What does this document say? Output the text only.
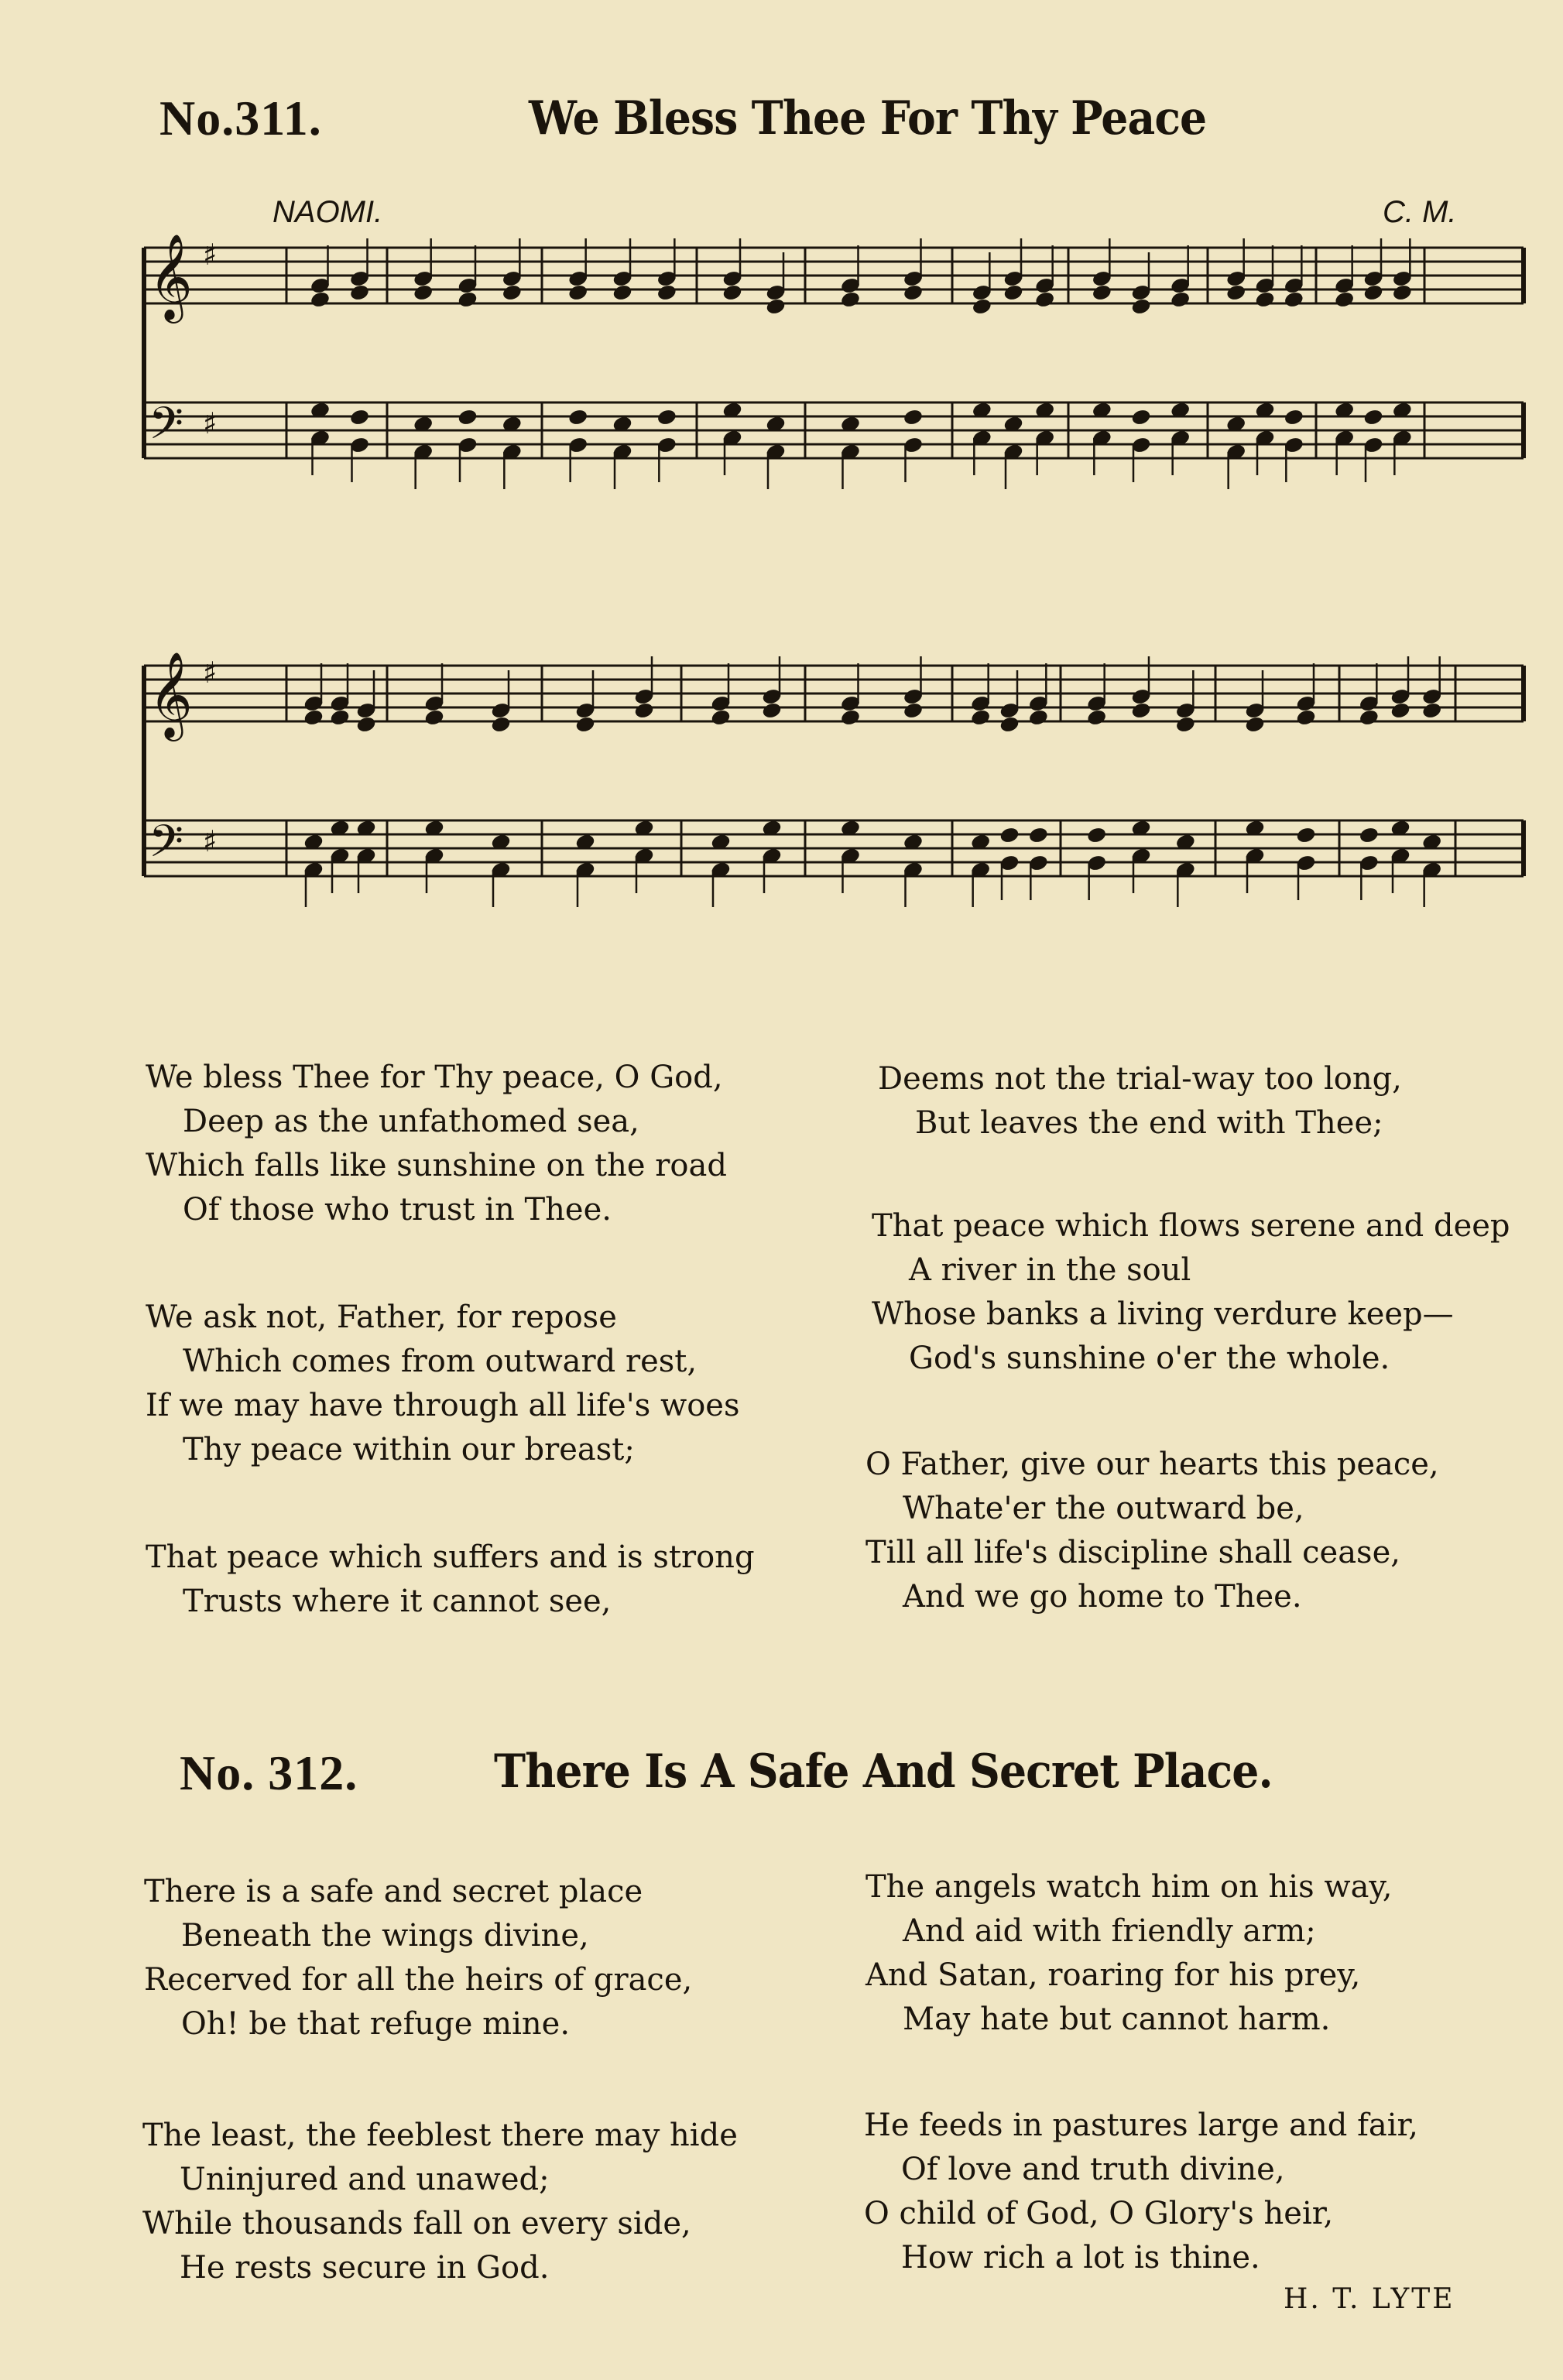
No.311.	We Bless Thee For Thy Peace
NAOMI.	C. M.
𝄞 ♯
𝄢 ♯
𝄞 ♯
𝄢 ♯
We bless Thee for Thy peace, O God,
Deep as the unfathomed sea,
Which falls like sunshine on the road
Of those who trust in Thee.
We ask not, Father, for repose
Which comes from outward rest,
If we may have through all life's woes
Thy peace within our breast;
That peace which suffers and is strong
Trusts where it cannot see,
Deems not the trial-way too long,
But leaves the end with Thee;
That peace which flows serene and deep
A river in the soul
Whose banks a living verdure keep—
God's sunshine o'er the whole.
O Father, give our hearts this peace,
Whate'er the outward be,
Till all life's discipline shall cease,
And we go home to Thee.
No. 312.	There Is A Safe And Secret Place.
There is a safe and secret place
Beneath the wings divine,
Recerved for all the heirs of grace,
Oh! be that refuge mine.
The least, the feeblest there may hide
Uninjured and unawed;
While thousands fall on every side,
He rests secure in God.
The angels watch him on his way,
And aid with friendly arm;
And Satan, roaring for his prey,
May hate but cannot harm.
He feeds in pastures large and fair,
Of love and truth divine,
O child of God, O Glory's heir,
How rich a lot is thine.
H. T. LYTE
